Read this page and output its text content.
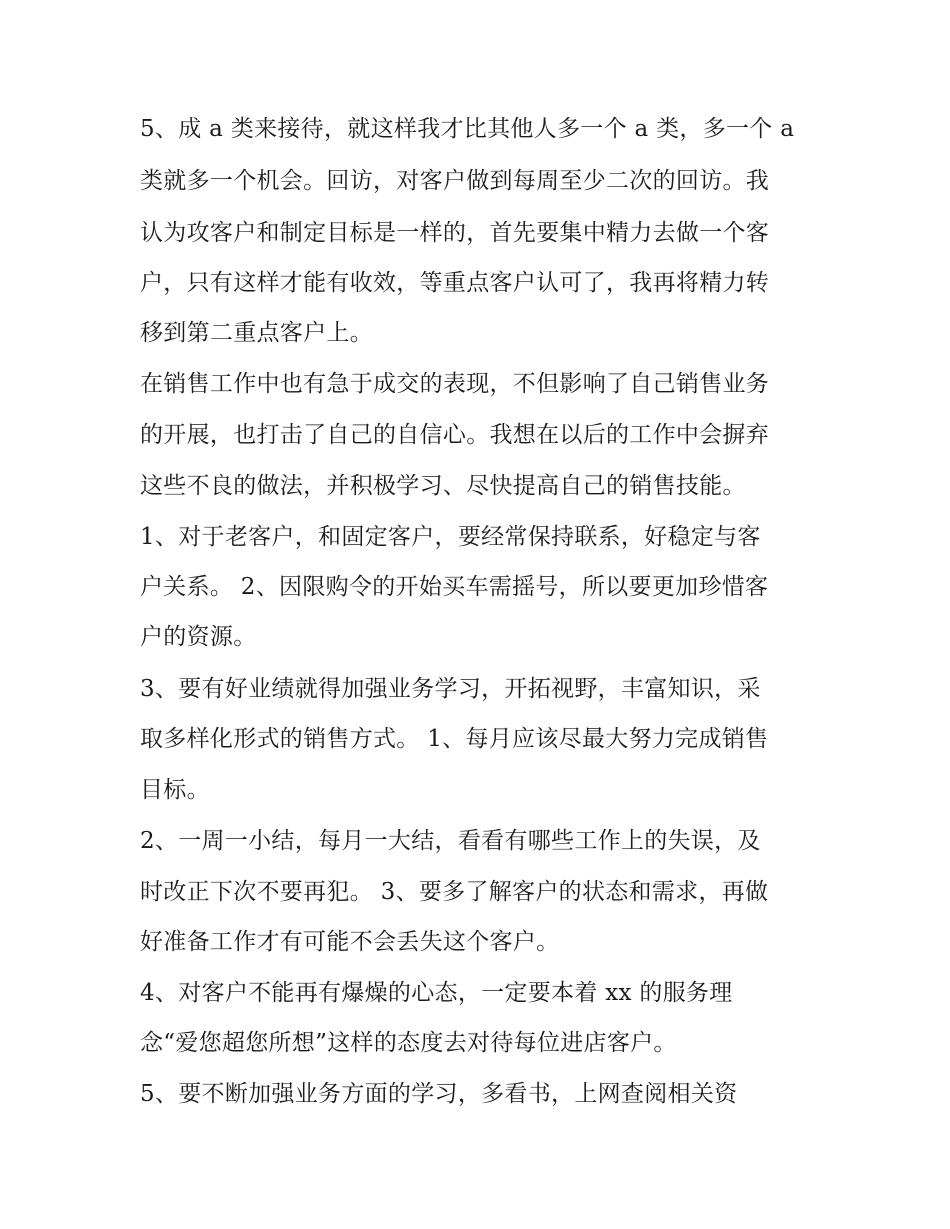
5、成 a 类来接待，就这样我才比其他人多一个 a 类，多一个 a
类就多一个机会。回访，对客户做到每周至少二次的回访。我
认为攻客户和制定目标是一样的，首先要集中精力去做一个客
户，只有这样才能有收效，等重点客户认可了，我再将精力转
移到第二重点客户上。
在销售工作中也有急于成交的表现，不但影响了自己销售业务
的开展，也打击了自己的自信心。我想在以后的工作中会摒弃
这些不良的做法，并积极学习、尽快提高自己的销售技能。
1、对于老客户，和固定客户，要经常保持联系，好稳定与客
户关系。 2、因限购令的开始买车需摇号，所以要更加珍惜客
户的资源。
3、要有好业绩就得加强业务学习，开拓视野，丰富知识，采
取多样化形式的销售方式。 1、每月应该尽最大努力完成销售
目标。
2、一周一小结，每月一大结，看看有哪些工作上的失误，及
时改正下次不要再犯。 3、要多了解客户的状态和需求，再做
好准备工作才有可能不会丢失这个客户。
4、对客户不能再有爆燥的心态，一定要本着 xx 的服务理
念“爱您超您所想”这样的态度去对待每位进店客户。
5、要不断加强业务方面的学习，多看书，上网查阅相关资
